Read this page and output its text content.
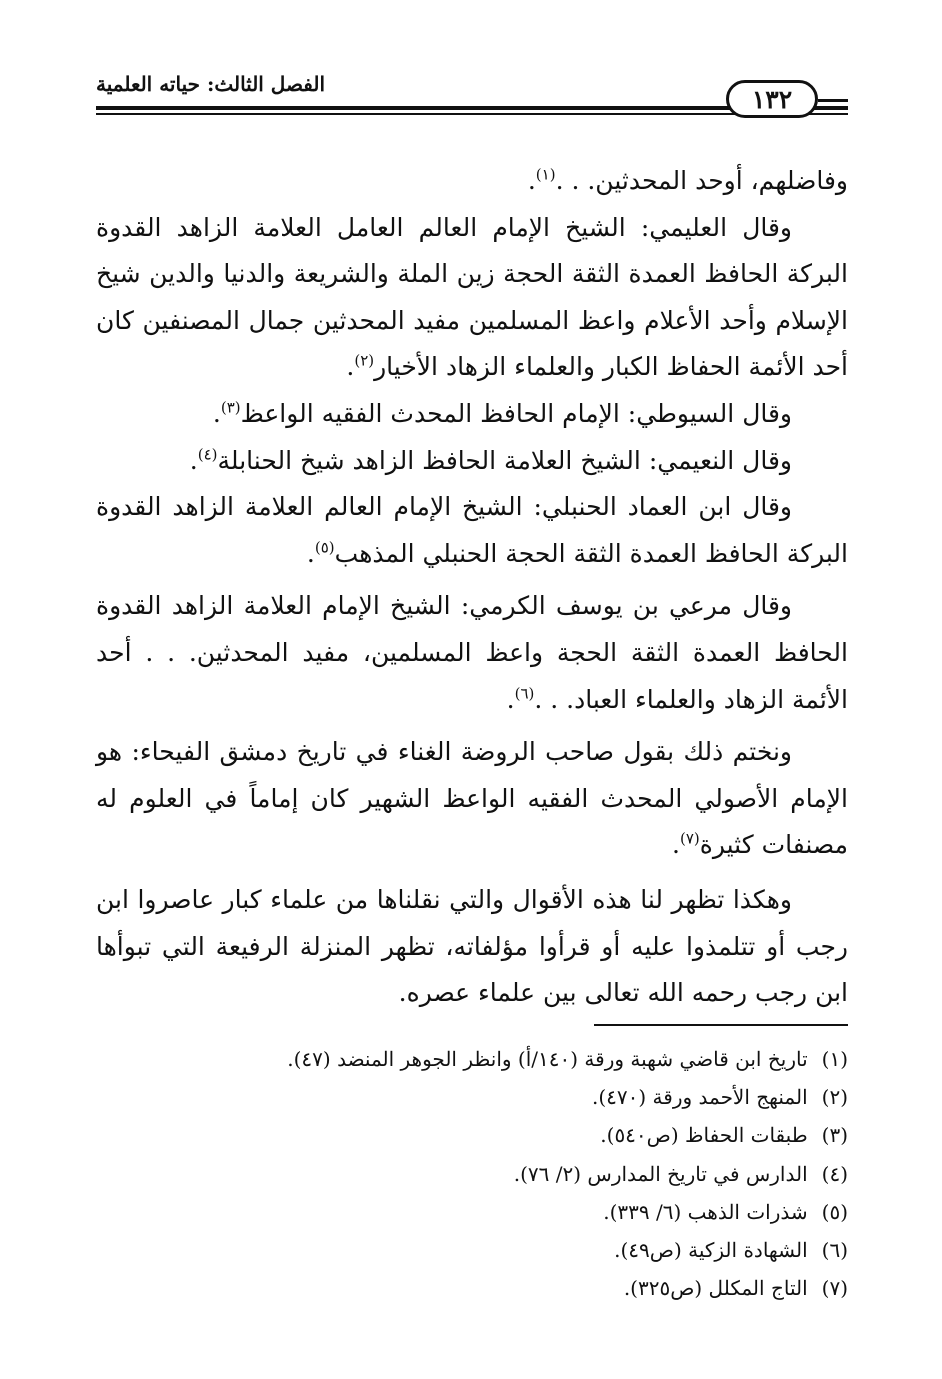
الفصل الثالث: حياته العلمية
١٣٢

وفاضلهم، أوحد المحدثين. . .$^{(١)}$.

وقال العليمي: الشيخ الإمام العالم العامل العلامة الزاهد القدوة البركة الحافظ العمدة الثقة الحجة زين الملة والشريعة والدنيا والدين شيخ الإسلام وأحد الأعلام واعظ المسلمين مفيد المحدثين جمال المصنفين كان أحد الأئمة الحفاظ الكبار والعلماء الزهاد الأخيار$^{(٢)}$.

وقال السيوطي: الإمام الحافظ المحدث الفقيه الواعظ$^{(٣)}$.

وقال النعيمي: الشيخ العلامة الحافظ الزاهد شيخ الحنابلة$^{(٤)}$.

وقال ابن العماد الحنبلي: الشيخ الإمام العالم العلامة الزاهد القدوة البركة الحافظ العمدة الثقة الحجة الحنبلي المذهب$^{(٥)}$.

وقال مرعي بن يوسف الكرمي: الشيخ الإمام العلامة الزاهد القدوة الحافظ العمدة الثقة الحجة واعظ المسلمين، مفيد المحدثين. . . أحد الأئمة الزهاد والعلماء العباد. . .$^{(٦)}$.

ونختم ذلك بقول صاحب الروضة الغناء في تاريخ دمشق الفيحاء: هو الإمام الأصولي المحدث الفقيه الواعظ الشهير كان إماماً في العلوم له مصنفات كثيرة$^{(٧)}$.

وهكذا تظهر لنا هذه الأقوال والتي نقلناها من علماء كبار عاصروا ابن رجب أو تتلمذوا عليه أو قرأوا مؤلفاته، تظهر المنزلة الرفيعة التي تبوأها ابن رجب رحمه الله تعالى بين علماء عصره.

(١) تاريخ ابن قاضي شهبة ورقة (١٤٠/أ) وانظر الجوهر المنضد (٤٧).
(٢) المنهج الأحمد ورقة (٤٧٠).
(٣) طبقات الحفاظ (ص٥٤٠).
(٤) الدارس في تاريخ المدارس (٢/ ٧٦).
(٥) شذرات الذهب (٦/ ٣٣٩).
(٦) الشهادة الزكية (ص٤٩).
(٧) التاج المكلل (ص٣٢٥).
